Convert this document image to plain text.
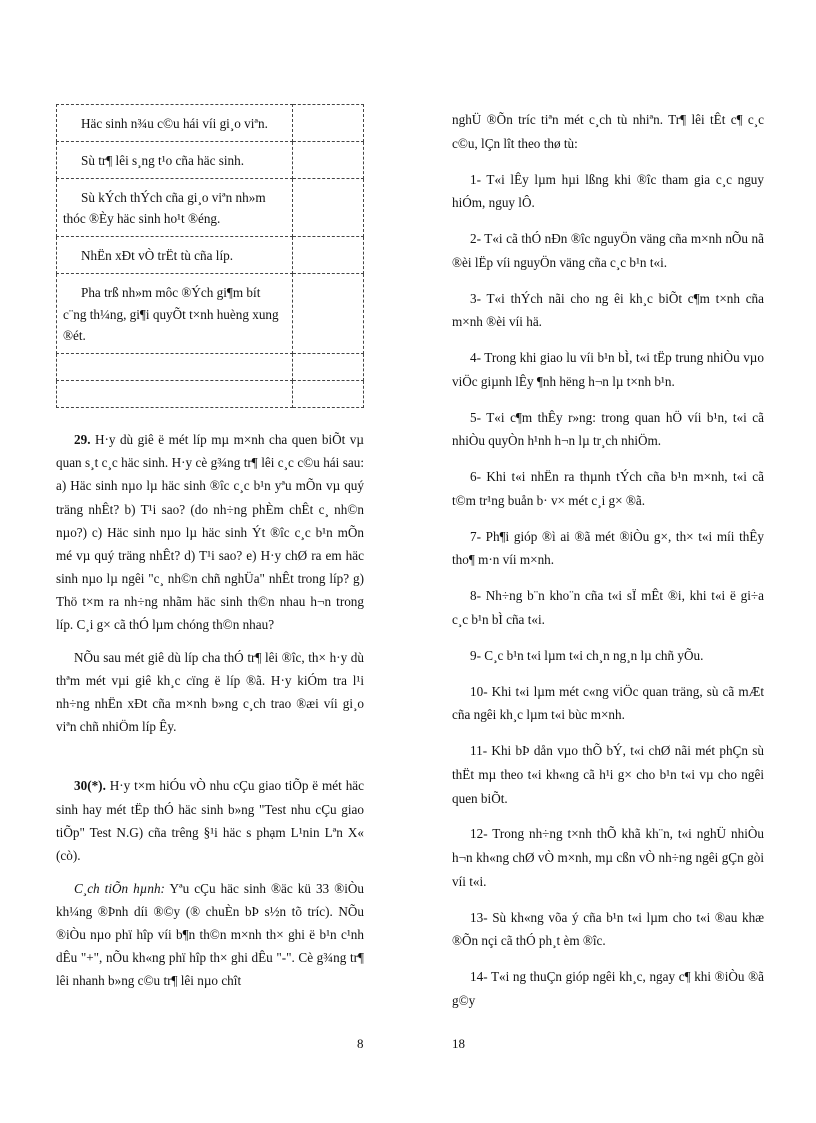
Häc sinh n¾u c©u hái víi gi¸o viªn.	
Sù tr¶ lêi s¸ng t¹o cña häc sinh.	
Sù kÝch thÝch cña gi¸o viªn nh»m thóc ®Èy häc sinh ho¹t ®éng.	
NhËn xÐt vÒ trËt tù cña líp.	
Pha trß nh»m môc ®Ých gi¶m bít c¨ng th¼ng, gi¶i quyÕt t×nh huèng xung ®ét.	

29. H·y dù giê ë mét líp mµ m×nh cha quen biÕt vµ quan s¸t c¸c häc sinh. H·y cè g¾ng tr¶ lêi c¸c c©u hái sau: a) Häc sinh nµo lµ häc sinh ®îc c¸c b¹n yªu mÕn vµ quý träng nhÊt? b) T¹i sao? (do nh÷ng phÈm chÊt c¸ nh©n nµo?) c) Häc sinh nµo lµ häc sinh Ýt ®îc c¸c b¹n mÕn mé vµ quý träng nhÊt? d) T¹i sao? e) H·y chØ ra em häc sinh nµo lµ ngêi "c¸ nh©n chñ nghÜa" nhÊt trong líp? g) Thö t×m ra nh÷ng nhãm häc sinh th©n nhau h¬n trong líp. C¸i g× cã thÓ lµm chóng th©n nhau?

NÕu sau mét giê dù líp cha thÓ tr¶ lêi ®îc, th× h·y dù thªm mét vµi giê kh¸c cïng ë líp ®ã. H·y kiÓm tra l¹i nh÷ng nhËn xÐt cña m×nh b»ng c¸ch trao ®æi víi gi¸o viªn chñ nhiÖm líp Êy.

30(*). H·y t×m hiÓu vÒ nhu cÇu giao tiÕp ë mét häc sinh hay mét tËp thÓ häc sinh b»ng "Test nhu cÇu giao tiÕp" Test N.G) cña trêng §¹i häc s phạm L¹nin Lªn X« (cò).

C¸ch tiÕn hµnh: Yªu cÇu häc sinh ®äc kü 33 ®iÒu kh¼ng ®Þnh díi ®©y (® chuÈn bÞ s½n tõ tríc). NÕu ®iÒu nµo phï hîp víi b¶n th©n m×nh th× ghi ë b¹n c¹nh dÊu "+", nÕu kh«ng phï hîp th× ghi dÊu "-". Cè g¾ng tr¶ lêi nhanh b»ng c©u tr¶ lêi nµo chît

nghÜ ®Õn tríc tiªn mét c¸ch tù nhiªn. Tr¶ lêi tÊt c¶ c¸c c©u, lÇn lît theo thø tù:

1- T«i lÊy lµm hµi lßng khi ®îc tham gia c¸c nguy hiÓm, nguy lÔ.

2- T«i cã thÓ nÐn ®îc nguyÖn väng cña m×nh nÕu nã ®èi lËp víi nguyÖn väng cña c¸c b¹n t«i.

3- T«i thÝch nãi cho ng êi kh¸c biÕt c¶m t×nh cña m×nh ®èi víi hä.

4- Trong khi giao lu víi b¹n bÌ, t«i tËp trung nhiÒu vµo viÖc giµnh lÊy ¶nh hëng h¬n lµ t×nh b¹n.

5- T«i c¶m thÊy r»ng: trong quan hÖ víi b¹n, t«i cã nhiÒu quyÒn h¹nh h¬n lµ tr¸ch nhiÖm.

6- Khi t«i nhËn ra thµnh tÝch cña b¹n m×nh, t«i cã t©m tr¹ng buån b· v× mét c¸i g× ®ã.

7- Ph¶i gióp ®ì ai ®ã mét ®iÒu g×, th× t«i míi thÊy tho¶ m·n víi m×nh.

8- Nh÷ng b¨n kho¨n cña t«i sÏ mÊt ®i, khi t«i ë gi÷a c¸c b¹n bÌ cña t«i.

9- C¸c b¹n t«i lµm t«i ch¸n ng¸n lµ chñ yÕu.

10- Khi t«i lµm mét c«ng viÖc quan träng, sù cã mÆt cña ngêi kh¸c lµm t«i bùc m×nh.

11- Khi bÞ dån vµo thÕ bÝ, t«i chØ nãi mét phÇn sù thËt mµ theo t«i kh«ng cã h¹i g× cho b¹n t«i vµ cho ngêi quen biÕt.

12- Trong nh÷ng t×nh thÕ khã kh¨n, t«i nghÜ nhiÒu h¬n kh«ng chØ vÒ m×nh, mµ cßn vÒ nh÷ng ngêi gÇn gòi víi t«i.

13- Sù kh«ng võa ý cña b¹n t«i lµm cho t«i ®au khæ ®Õn nçi cã thÓ ph¸t èm ®îc.

14- T«i ng thuÇn gióp ngêi kh¸c, ngay c¶ khi ®iÒu ®ã g©y

8	18
